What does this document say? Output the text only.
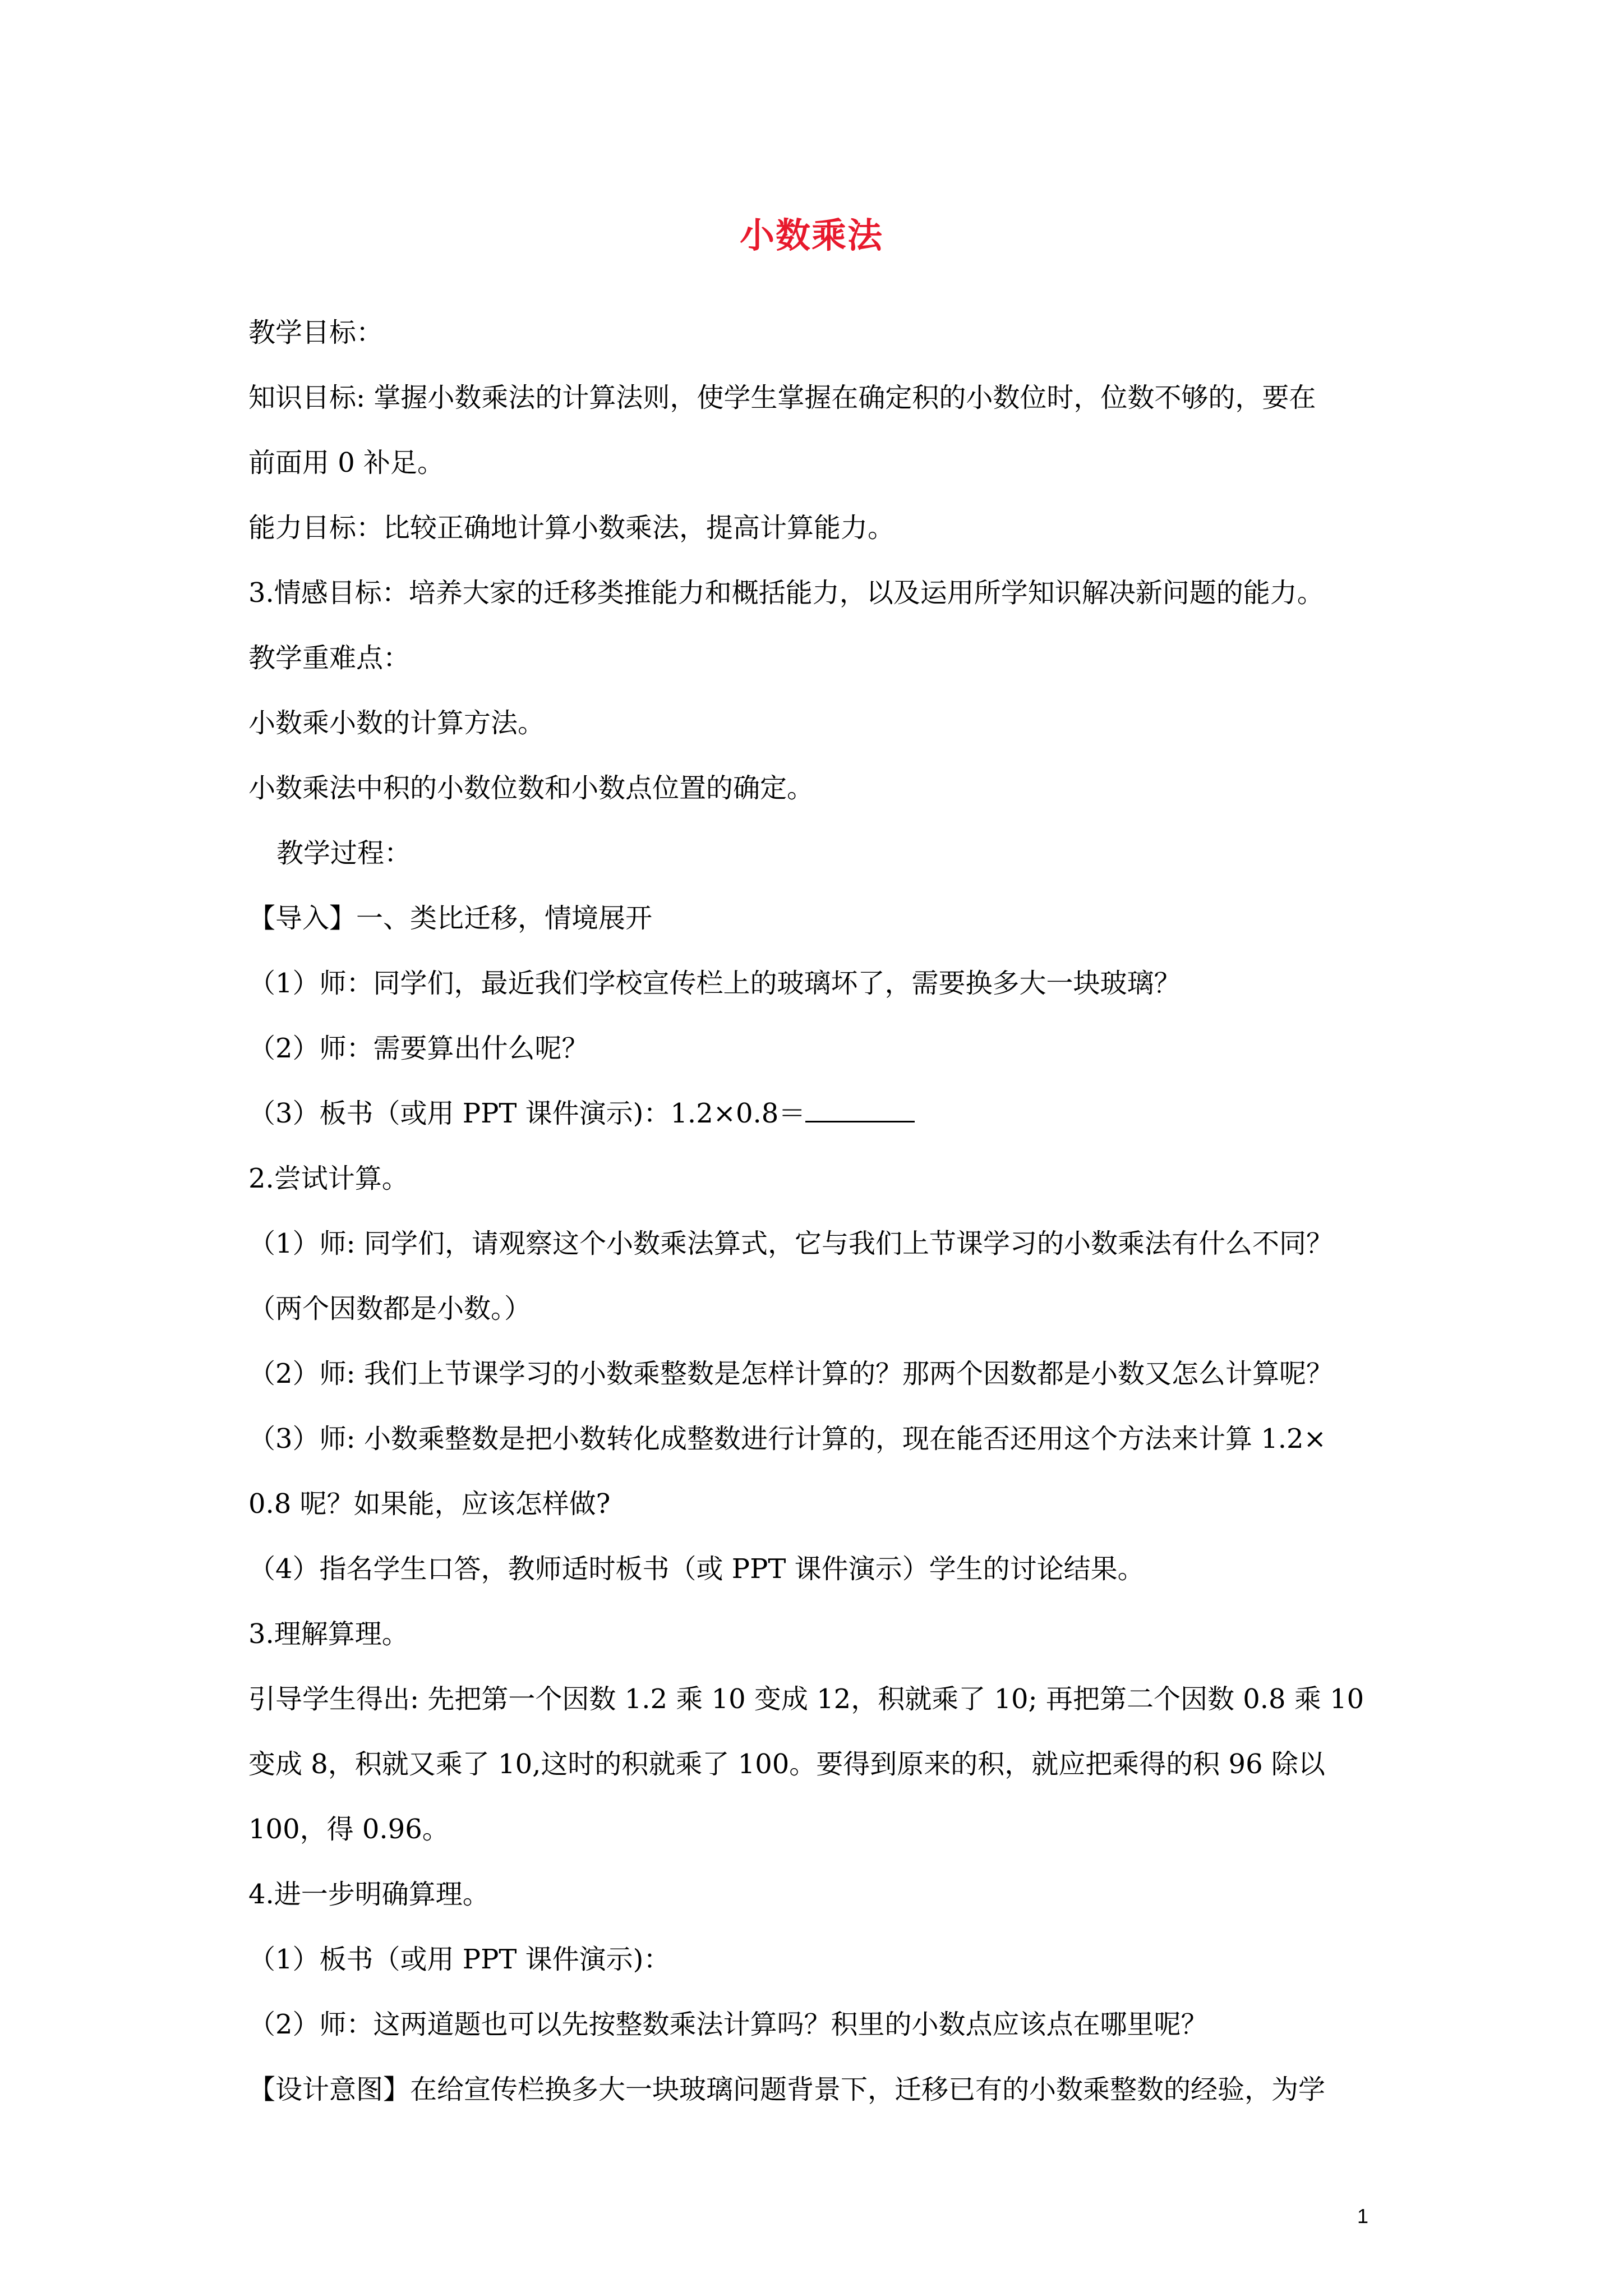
小数乘法
教学目标：
知识目标: 掌握小数乘法的计算法则，使学生掌握在确定积的小数位时，位数不够的，要在
前面用 0 补足。
能力目标：比较正确地计算小数乘法，提高计算能力。
3.情感目标：培养大家的迁移类推能力和概括能力，以及运用所学知识解决新问题的能力。
教学重难点：
小数乘小数的计算方法。
小数乘法中积的小数位数和小数点位置的确定。
教学过程：
【导入】一、类比迁移，情境展开
（1）师：同学们，最近我们学校宣传栏上的玻璃坏了，需要换多大一块玻璃？
（2）师：需要算出什么呢？
（3）板书（或用 PPT 课件演示)：1.2×0.8＝
2.尝试计算。
（1）师: 同学们，请观察这个小数乘法算式，它与我们上节课学习的小数乘法有什么不同？
（两个因数都是小数。）
（2）师: 我们上节课学习的小数乘整数是怎样计算的？那两个因数都是小数又怎么计算呢？
（3）师: 小数乘整数是把小数转化成整数进行计算的，现在能否还用这个方法来计算 1.2×
0.8 呢？如果能，应该怎样做?
（4）指名学生口答，教师适时板书（或 PPT 课件演示）学生的讨论结果。
3.理解算理。
引导学生得出: 先把第一个因数 1.2 乘 10 变成 12，积就乘了 10; 再把第二个因数 0.8 乘 10
变成 8，积就又乘了 10,这时的积就乘了 100。要得到原来的积，就应把乘得的积 96 除以
100，得 0.96。
4.进一步明确算理。
（1）板书（或用 PPT 课件演示)：
（2）师：这两道题也可以先按整数乘法计算吗？积里的小数点应该点在哪里呢？
【设计意图】在给宣传栏换多大一块玻璃问题背景下，迁移已有的小数乘整数的经验，为学
1
